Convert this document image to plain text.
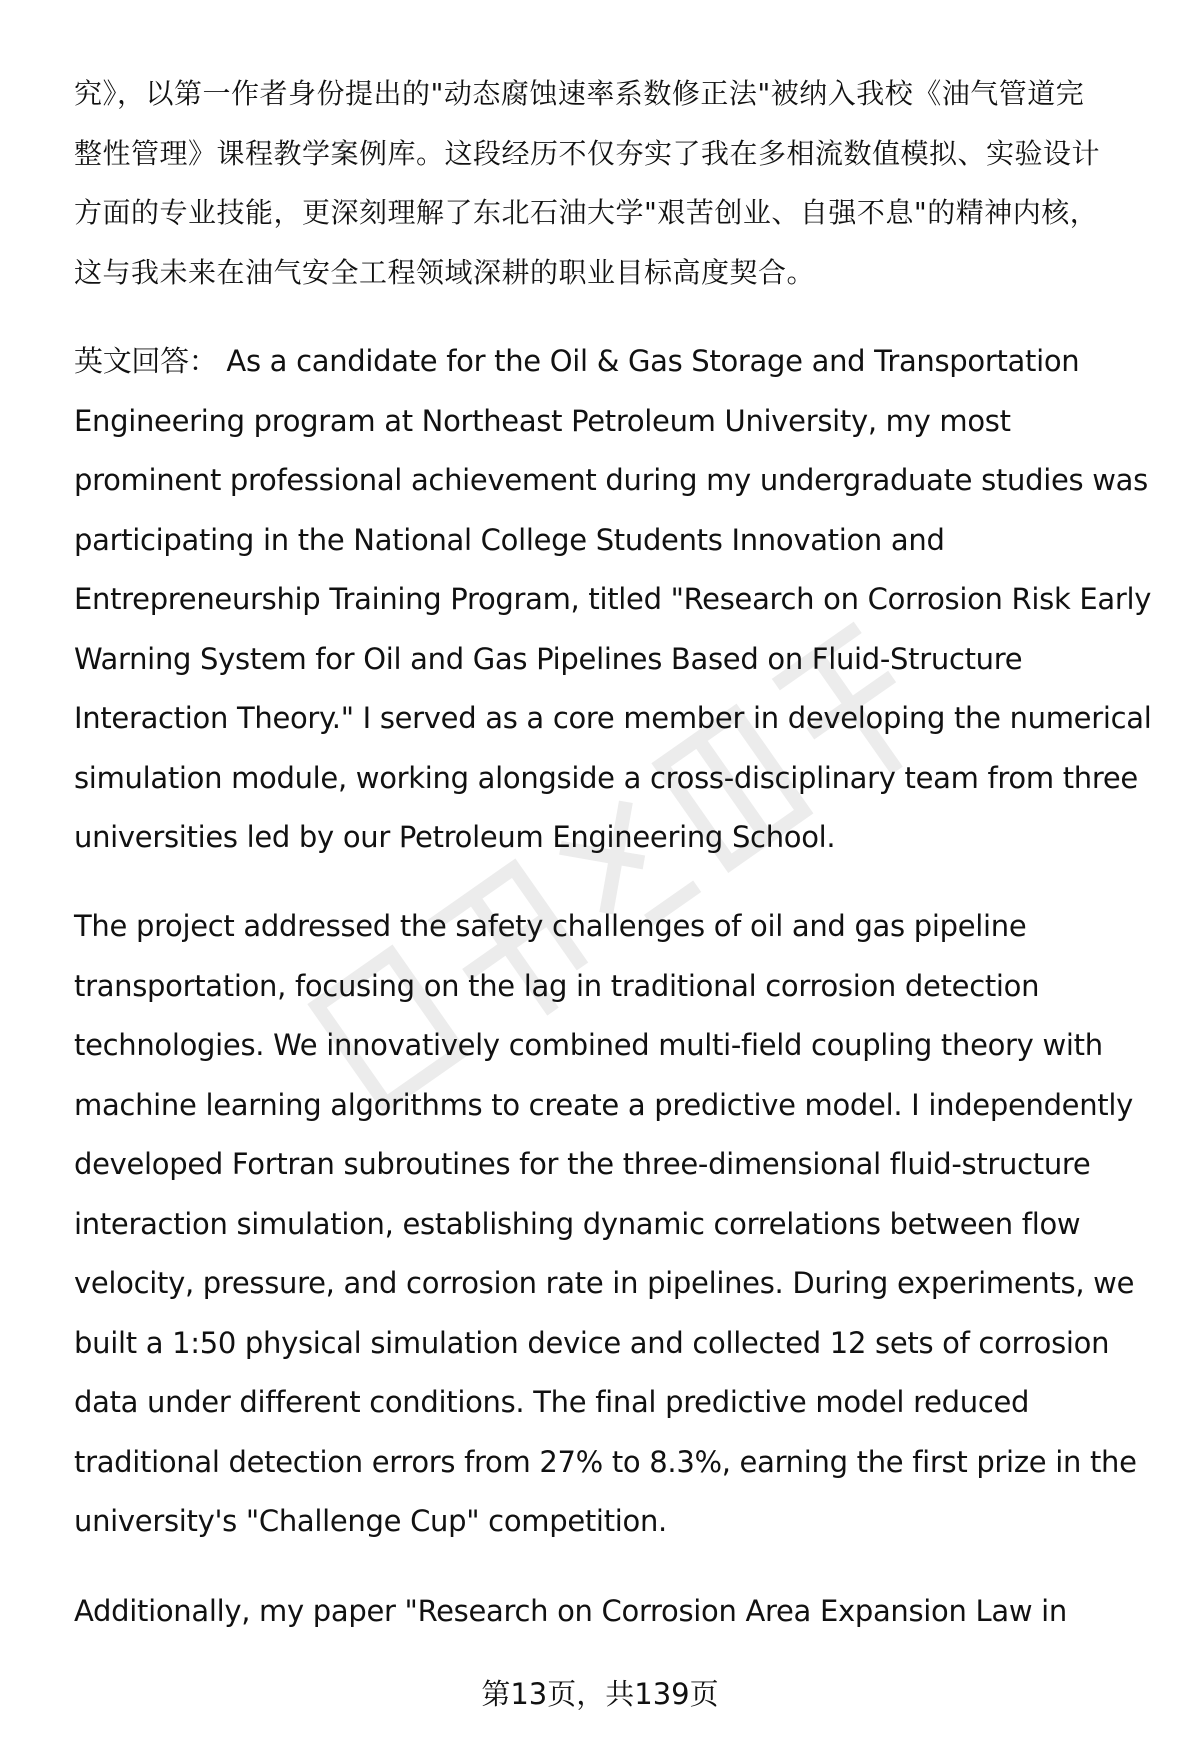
究》，以第一作者身份提出的"动态腐蚀速率系数修正法"被纳入我校《油气管道完
整性管理》课程教学案例库。这段经历不仅夯实了我在多相流数值模拟、实验设计
方面的专业技能，更深刻理解了东北石油大学"艰苦创业、自强不息"的精神内核，
这与我未来在油气安全工程领域深耕的职业目标高度契合。
英文回答： As a candidate for the Oil & Gas Storage and Transportation
Engineering program at Northeast Petroleum University, my most
prominent professional achievement during my undergraduate studies was
participating in the National College Students Innovation and
Entrepreneurship Training Program, titled "Research on Corrosion Risk Early
Warning System for Oil and Gas Pipelines Based on Fluid-Structure
Interaction Theory." I served as a core member in developing the numerical
simulation module, working alongside a cross-disciplinary team from three
universities led by our Petroleum Engineering School.
The project addressed the safety challenges of oil and gas pipeline
transportation, focusing on the lag in traditional corrosion detection
technologies. We innovatively combined multi-field coupling theory with
machine learning algorithms to create a predictive model. I independently
developed Fortran subroutines for the three-dimensional fluid-structure
interaction simulation, establishing dynamic correlations between flow
velocity, pressure, and corrosion rate in pipelines. During experiments, we
built a 1:50 physical simulation device and collected 12 sets of corrosion
data under different conditions. The final predictive model reduced
traditional detection errors from 27% to 8.3%, earning the first prize in the
university's "Challenge Cup" competition.
Additionally, my paper "Research on Corrosion Area Expansion Law in
第13页，共139页
